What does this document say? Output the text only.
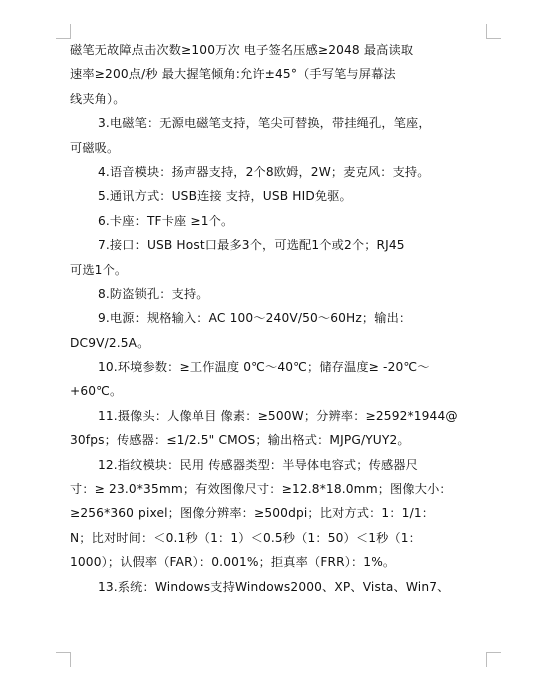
磁笔无故障点击次数≥100万次 电子签名压感≥2048 最高读取
速率≥200点/秒 最大握笔倾角:允许±45°（手写笔与屏幕法
线夹角）。
3.电磁笔：无源电磁笔支持，笔尖可替换，带挂绳孔，笔座，
可磁吸。
4.语音模块：扬声器支持，2个8欧姆，2W；麦克风：支持。
5.通讯方式：USB连接 支持，USB HID免驱。
6.卡座：TF卡座 ≥1个。
7.接口：USB Host口最多3个，可选配1个或2个；RJ45
可选1个。
8.防盗锁孔：支持。
9.电源：规格输入：AC 100～240V/50～60Hz；输出：
DC9V/2.5A。
10.环境参数：≥工作温度 0℃～40℃；储存温度≥ -20℃～
+60℃。
11.摄像头：人像单目 像素：≥500W；分辨率：≥2592*1944@
30fps；传感器：≤1/2.5" CMOS；输出格式：MJPG/YUY2。
12.指纹模块：民用 传感器类型：半导体电容式；传感器尺
寸：≥ 23.0*35mm；有效图像尺寸：≥12.8*18.0mm；图像大小：
≥256*360 pixel；图像分辨率：≥500dpi；比对方式：1：1/1：
N；比对时间：＜0.1秒（1：1）＜0.5秒（1：50）＜1秒（1：
1000）；认假率（FAR）：0.001%；拒真率（FRR）：1%。
13.系统：Windows支持Windows2000、XP、Vista、Win7、
